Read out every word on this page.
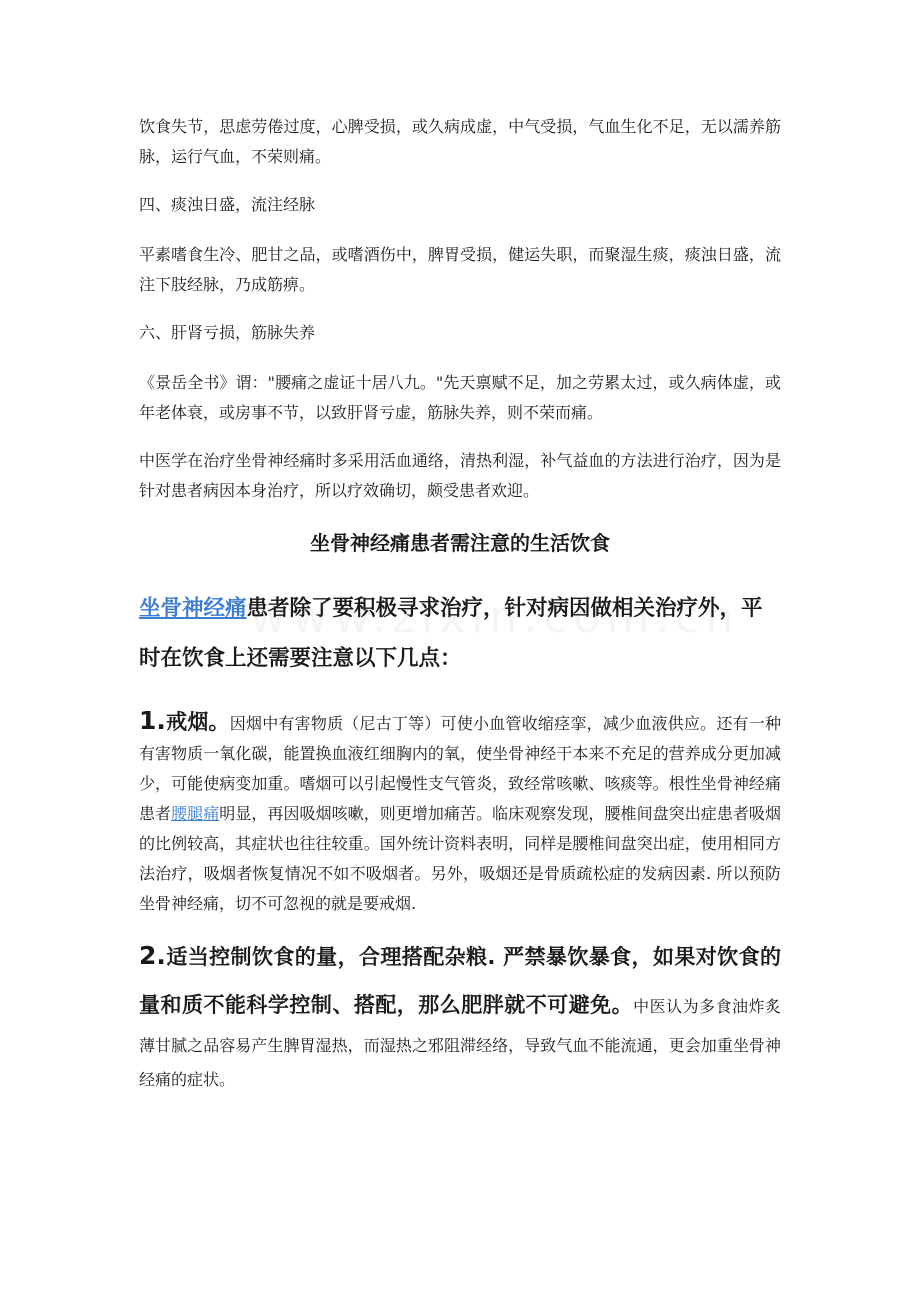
饮食失节，思虑劳倦过度，心脾受损，或久病成虚，中气受损，气血生化不足，无以濡养筋脉，运行气血，不荣则痛。

四、痰浊日盛，流注经脉

平素嗜食生冷、肥甘之品，或嗜酒伤中，脾胃受损，健运失职，而聚湿生痰，痰浊日盛，流注下肢经脉，乃成筋痹。

六、肝肾亏损，筋脉失养

《景岳全书》谓："腰痛之虚证十居八九。"先天禀赋不足，加之劳累太过，或久病体虚，或年老体衰，或房事不节，以致肝肾亏虚，筋脉失养，则不荣而痛。

中医学在治疗坐骨神经痛时多采用活血通络，清热利湿，补气益血的方法进行治疗，因为是针对患者病因本身治疗，所以疗效确切，颇受患者欢迎。

坐骨神经痛患者需注意的生活饮食

坐骨神经痛患者除了要积极寻求治疗，针对病因做相关治疗外，平时在饮食上还需要注意以下几点：

1.戒烟。因烟中有害物质（尼古丁等）可使小血管收缩痉挛，减少血液供应。还有一种有害物质一氧化碳，能置换血液红细胸内的氧，使坐骨神经干本来不充足的营养成分更加减少，可能使病变加重。嗜烟可以引起慢性支气管炎，致经常咳嗽、咳痰等。根性坐骨神经痛患者腰腿痛明显，再因吸烟咳嗽，则更增加痛苦。临床观察发现，腰椎间盘突出症患者吸烟的比例较高，其症状也往往较重。国外统计资料表明，同样是腰椎间盘突出症，使用相同方法治疗，吸烟者恢复情况不如不吸烟者。另外，吸烟还是骨质疏松症的发病因素. 所以预防坐骨神经痛，切不可忽视的就是要戒烟.

2.适当控制饮食的量，合理搭配杂粮. 严禁暴饮暴食，如果对饮食的量和质不能科学控制、搭配，那么肥胖就不可避免。中医认为多食油炸炙薄甘腻之品容易产生脾胃湿热，而湿热之邪阻滞经络，导致气血不能流通，更会加重坐骨神经痛的症状。
